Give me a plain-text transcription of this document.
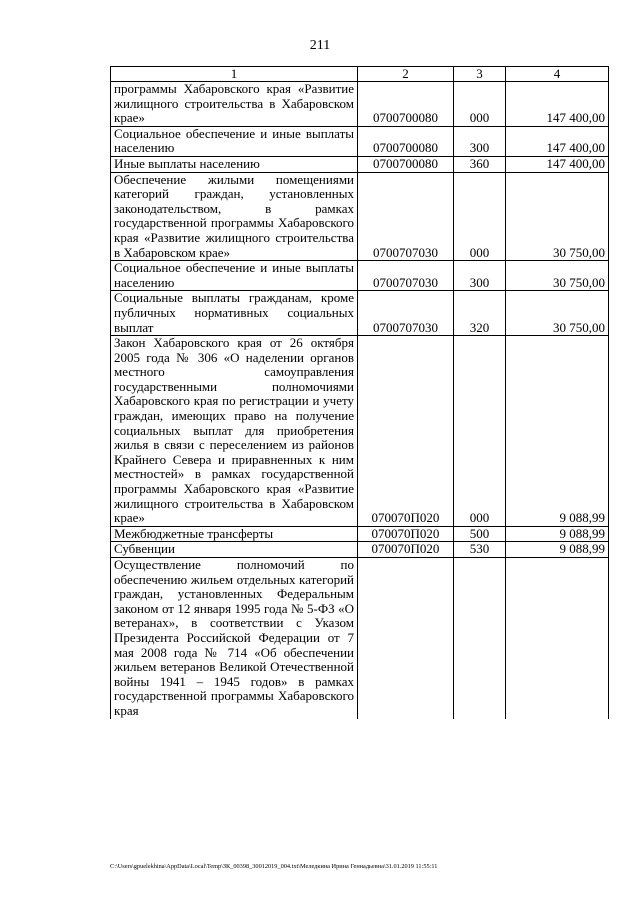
211
1	2	3	4
программы Хабаровского края «Развитие жилищного строительства в Хабаровском крае»	0700700080	000	147 400,00
Социальное обеспечение и иные выплаты населению	0700700080	300	147 400,00
Иные выплаты населению	0700700080	360	147 400,00
Обеспечение жилыми помещениями категорий граждан, установленных законодательством, в рамках государственной программы Хабаровского края «Развитие жилищного строительства в Хабаровском крае»	0700707030	000	30 750,00
Социальное обеспечение и иные выплаты населению	0700707030	300	30 750,00
Социальные выплаты гражданам, кроме публичных нормативных социальных выплат	0700707030	320	30 750,00
Закон Хабаровского края от 26 октября 2005 года № 306 «О наделении органов местного самоуправления государственными полномочиями Хабаровского края по регистрации и учету граждан, имеющих право на получение социальных выплат для приобретения жилья в связи с переселением из районов Крайнего Севера и приравненных к ним местностей» в рамках государственной программы Хабаровского края «Развитие жилищного строительства в Хабаровском крае»	070070П020	000	9 088,99
Межбюджетные трансферты	070070П020	500	9 088,99
Субвенции	070070П020	530	9 088,99
Осуществление полномочий по обеспечению жильем отдельных категорий граждан, установленных Федеральным законом от 12 января 1995 года № 5-ФЗ «О ветеранах», в соответствии с Указом Президента Российской Федерации от 7 мая 2008 года № 714 «Об обеспечении жильем ветеранов Великой Отечественной войны 1941 – 1945 годов» в рамках государственной программы Хабаровского края			
C:\Users\gpuelekhina\AppData\Local\Temp\ЗК_00398_30012019_004.txt\Меледкина Ирина Геннадьевна\31.01.2019 11:55:11
